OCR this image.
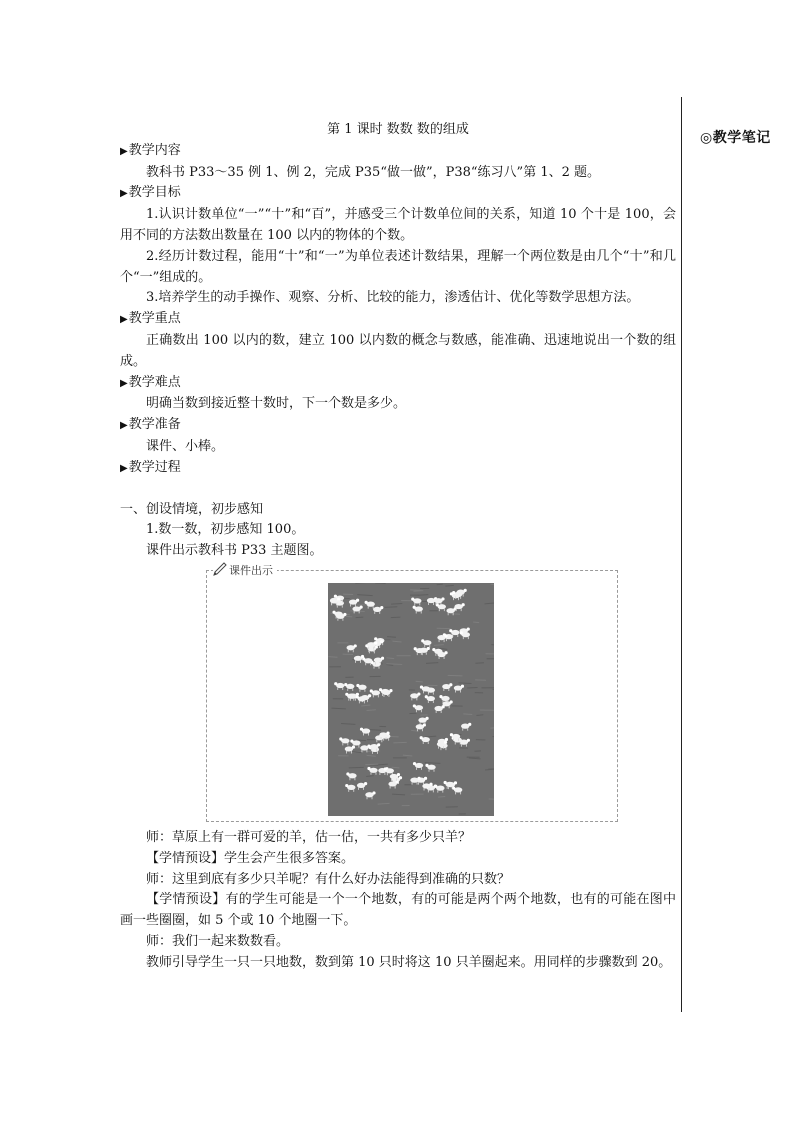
◎教学笔记
第 1 课时 数数 数的组成
▶教学内容

教科书 P33～35 例 1、例 2，完成 P35“做一做”，P38“练习八”第 1、2 题。

▶教学目标

1.认识计数单位“一”“十”和“百”，并感受三个计数单位间的关系，知道 10 个十是 100，会用不同的方法数出数量在 100 以内的物体的个数。

2.经历计数过程，能用“十”和“一”为单位表述计数结果，理解一个两位数是由几个“十”和几个“一”组成的。

3.培养学生的动手操作、观察、分析、比较的能力，渗透估计、优化等数学思想方法。

▶教学重点

正确数出 100 以内的数，建立 100 以内数的概念与数感，能准确、迅速地说出一个数的组成。

▶教学难点

明确当数到接近整十数时，下一个数是多少。

▶教学准备

课件、小棒。

▶教学过程
一、创设情境，初步感知

1.数一数，初步感知 100。

课件出示教科书 P33 主题图。

课件出示

师：草原上有一群可爱的羊，估一估，一共有多少只羊？

【学情预设】学生会产生很多答案。

师：这里到底有多少只羊呢？有什么好办法能得到准确的只数？

【学情预设】有的学生可能是一个一个地数，有的可能是两个两个地数，也有的可能在图中画一些圈圈，如 5 个或 10 个地圈一下。

师：我们一起来数数看。

教师引导学生一只一只地数，数到第 10 只时将这 10 只羊圈起来。用同样的步骤数到 20。
